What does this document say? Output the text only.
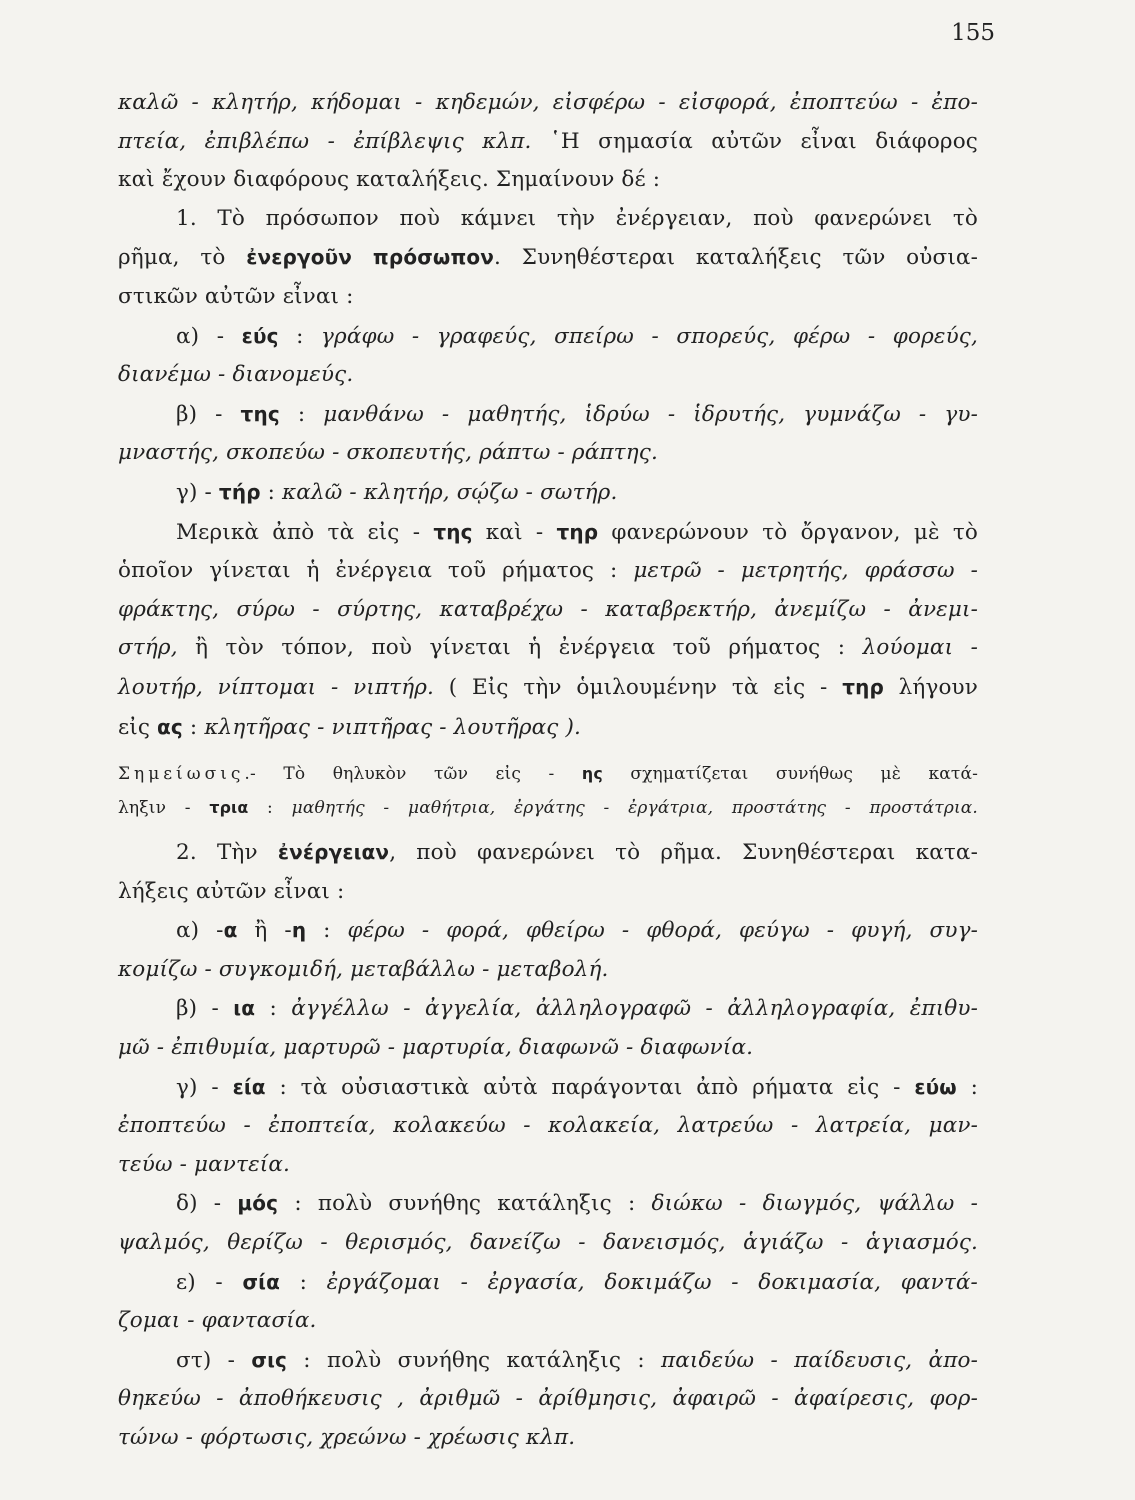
155
καλῶ - κλητήρ, κήδομαι - κηδεμών, εἰσφέρω - εἰσφορά, ἐποπτεύω - ἐπο-
πτεία, ἐπιβλέπω - ἐπίβλεψις κλπ. ῾Η σημασία αὐτῶν εἶναι διάφορος
καὶ ἔχουν διαφόρους καταλήξεις. Σημαίνουν δέ :
1. Τὸ πρόσωπον ποὺ κάμνει τὴν ἐνέργειαν, ποὺ φανερώνει τὸ
ρῆμα, τὸ ἐνεργοῦν πρόσωπον. Συνηθέστεραι καταλήξεις τῶν οὐσια-
στικῶν αὐτῶν εἶναι :
α) - εύς : γράφω - γραφεύς, σπείρω - σπορεύς, φέρω - φορεύς,
διανέμω - διανομεύς.
β) - της : μανθάνω - μαθητής, ἱδρύω - ἱδρυτής, γυμνάζω - γυ-
μναστής, σκοπεύω - σκοπευτής, ράπτω - ράπτης.
γ) - τήρ : καλῶ - κλητήρ, σῴζω - σωτήρ.
Μερικὰ ἀπὸ τὰ εἰς - της καὶ - τηρ φανερώνουν τὸ ὄργανον, μὲ τὸ
ὁποῖον γίνεται ἡ ἐνέργεια τοῦ ρήματος : μετρῶ - μετρητής, φράσσω -
φράκτης, σύρω - σύρτης, καταβρέχω - καταβρεκτήρ, ἀνεμίζω - ἀνεμι-
στήρ, ἢ τὸν τόπον, ποὺ γίνεται ἡ ἐνέργεια τοῦ ρήματος : λούομαι -
λουτήρ, νίπτομαι - νιπτήρ. ( Εἰς τὴν ὁμιλουμένην τὰ εἰς - τηρ λήγουν
εἰς ας : κλητῆρας - νιπτῆρας - λουτῆρας ).
Σημείωσις.- Τὸ θηλυκὸν τῶν εἰς - ης σχηματίζεται συνήθως μὲ κατά-
ληξιν - τρια : μαθητής - μαθήτρια, ἐργάτης - ἐργάτρια, προστάτης - προστάτρια.
2. Τὴν ἐνέργειαν, ποὺ φανερώνει τὸ ρῆμα. Συνηθέστεραι κατα-
λήξεις αὐτῶν εἶναι :
α) -α ἢ -η : φέρω - φορά, φθείρω - φθορά, φεύγω - φυγή, συγ-
κομίζω - συγκομιδή, μεταβάλλω - μεταβολή.
β) - ια : ἀγγέλλω - ἀγγελία, ἀλληλογραφῶ - ἀλληλογραφία, ἐπιθυ-
μῶ - ἐπιθυμία, μαρτυρῶ - μαρτυρία, διαφωνῶ - διαφωνία.
γ) - εία : τὰ οὐσιαστικὰ αὐτὰ παράγονται ἀπὸ ρήματα εἰς - εύω :
ἐποπτεύω - ἐποπτεία, κολακεύω - κολακεία, λατρεύω - λατρεία, μαν-
τεύω - μαντεία.
δ) - μός : πολὺ συνήθης κατάληξις : διώκω - διωγμός, ψάλλω -
ψαλμός, θερίζω - θερισμός, δανείζω - δανεισμός, ἁγιάζω - ἁγιασμός.
ε) - σία : ἐργάζομαι - ἐργασία, δοκιμάζω - δοκιμασία, φαντά-
ζομαι - φαντασία.
στ) - σις : πολὺ συνήθης κατάληξις : παιδεύω - παίδευσις, ἀπο-
θηκεύω - ἀποθήκευσις , ἀριθμῶ - ἀρίθμησις, ἀφαιρῶ - ἀφαίρεσις, φορ-
τώνω - φόρτωσις, χρεώνω - χρέωσις κλπ.
